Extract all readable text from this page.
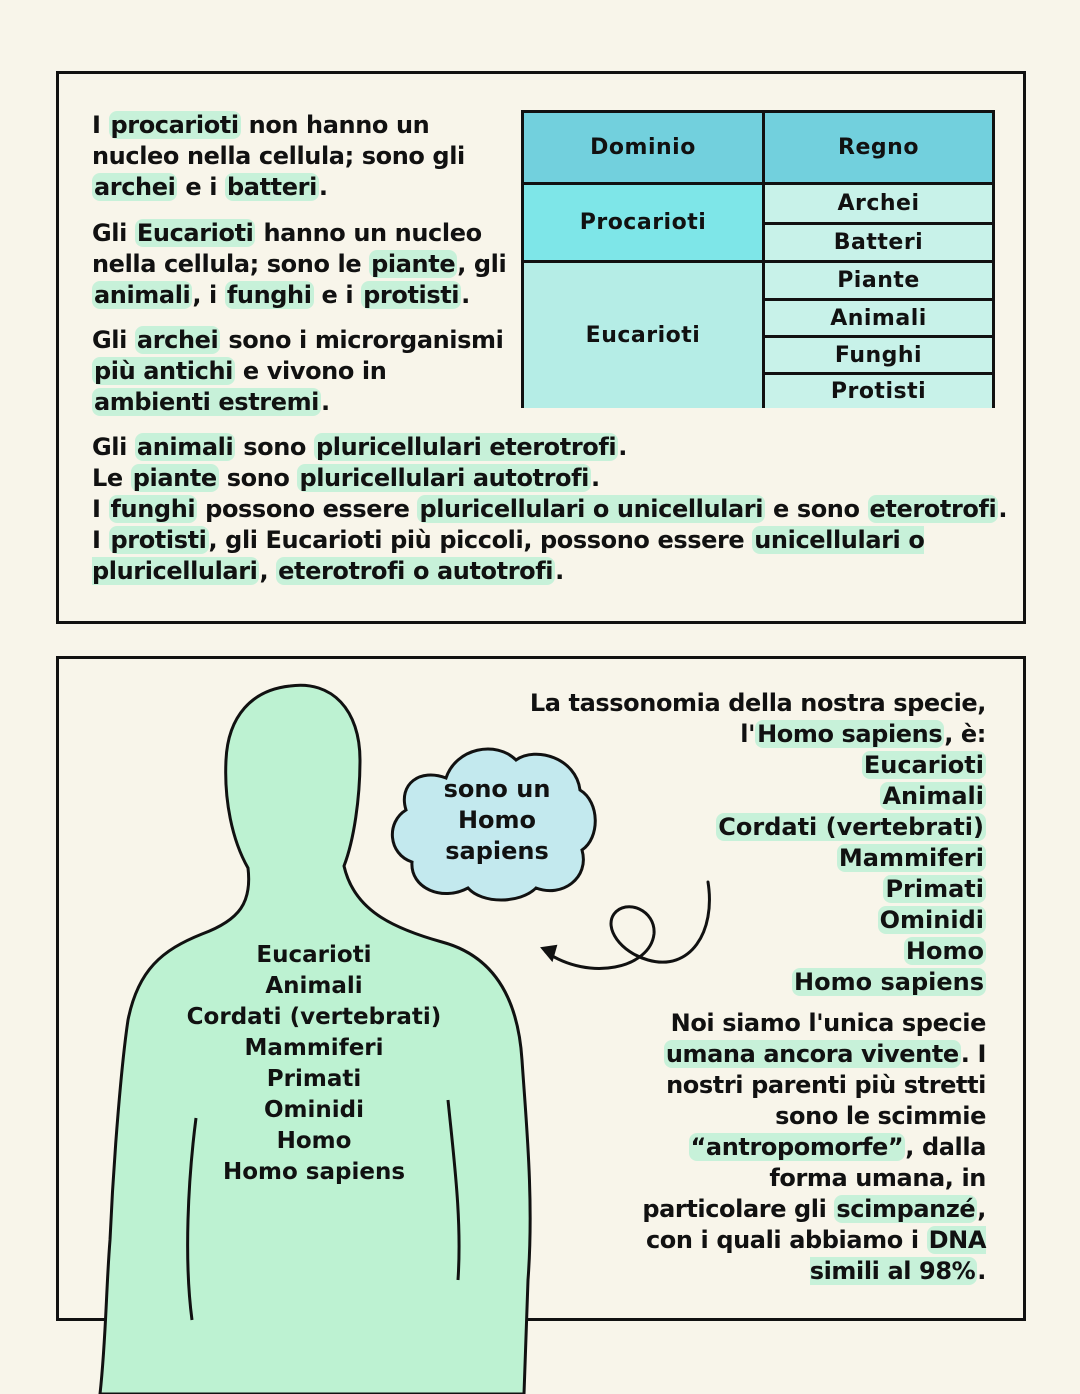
I procarioti non hanno un nucleo nella cellula; sono gli archei e i batteri.

Gli Eucarioti hanno un nucleo nella cellula; sono le piante, gli animali, i funghi e i protisti.

Gli archei sono i microrganismi più antichi e vivono in ambienti estremi.

Dominio	Regno
Procarioti
Archei
Batteri
Eucarioti
Piante
Animali
Funghi
Protisti
Gli animali sono pluricellulari eterotrofi.
Le piante sono pluricellulari autotrofi.
I funghi possono essere pluricellulari o unicellulari e sono eterotrofi.
I protisti, gli Eucarioti più piccoli, possono essere unicellulari o pluricellulari, eterotrofi o autotrofi.
Eucarioti
Animali
Cordati (vertebrati)
Mammiferi
Primati
Ominidi
Homo
Homo sapiens
sono un
Homo
sapiens
La tassonomia della nostra specie,
l'Homo sapiens, è:
Eucarioti
Animali
Cordati (vertebrati)
Mammiferi
Primati
Ominidi
Homo
Homo sapiens
Noi siamo l'unica specie umana ancora vivente. I nostri parenti più stretti sono le scimmie “antropomorfe”, dalla forma umana, in particolare gli scimpanzé, con i quali abbiamo i DNA simili al 98%.
